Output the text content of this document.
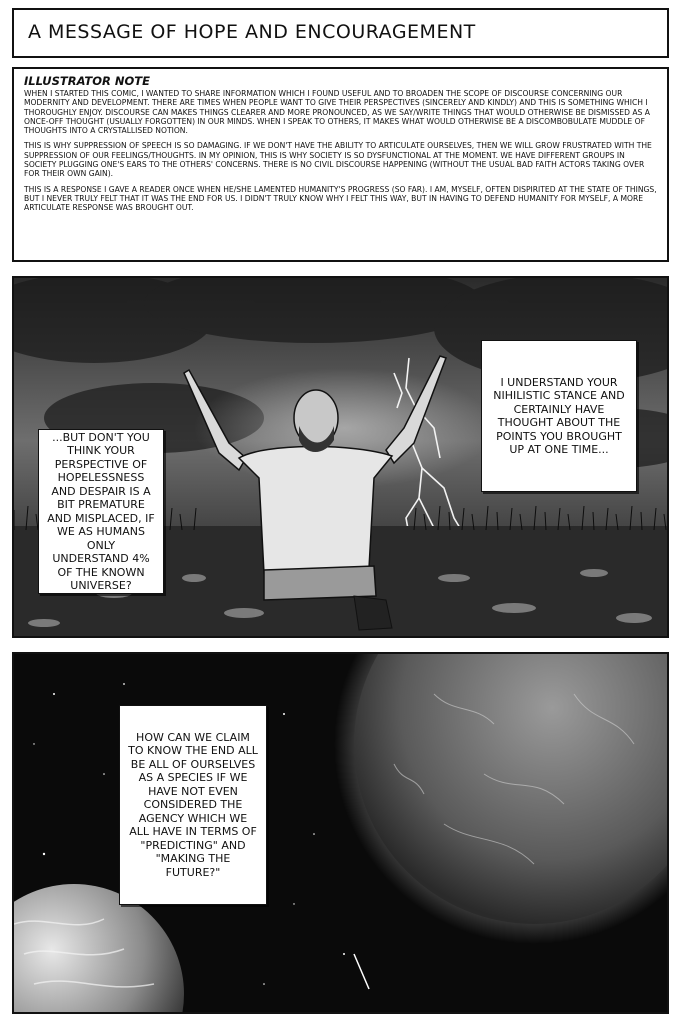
A MESSAGE OF HOPE AND ENCOURAGEMENT
ILLUSTRATOR NOTE

WHEN I STARTED THIS COMIC, I WANTED TO SHARE INFORMATION WHICH I FOUND USEFUL AND TO BROADEN THE SCOPE OF DISCOURSE CONCERNING OUR MODERNITY AND DEVELOPMENT. THERE ARE TIMES WHEN PEOPLE WANT TO GIVE THEIR PERSPECTIVES (SINCERELY AND KINDLY) AND THIS IS SOMETHING WHICH I THOROUGHLY ENJOY. DISCOURSE CAN MAKES THINGS CLEARER AND MORE PRONOUNCED, AS WE SAY/WRITE THINGS THAT WOULD OTHERWISE BE DISMISSED AS A ONCE-OFF THOUGHT (USUALLY FORGOTTEN) IN OUR MINDS. WHEN I SPEAK TO OTHERS, IT MAKES WHAT WOULD OTHERWISE BE A DISCOMBOBULATE MUDDLE OF THOUGHTS INTO A CRYSTALLISED NOTION.

THIS IS WHY SUPPRESSION OF SPEECH IS SO DAMAGING. IF WE DON'T HAVE THE ABILITY TO ARTICULATE OURSELVES, THEN WE WILL GROW FRUSTRATED WITH THE SUPPRESSION OF OUR FEELINGS/THOUGHTS. IN MY OPINION, THIS IS WHY SOCIETY IS SO DYSFUNCTIONAL AT THE MOMENT. WE HAVE DIFFERENT GROUPS IN SOCIETY PLUGGING ONE'S EARS TO THE OTHERS' CONCERNS. THERE IS NO CIVIL DISCOURSE HAPPENING (WITHOUT THE USUAL BAD FAITH ACTORS TAKING OVER FOR THEIR OWN GAIN).

THIS IS A RESPONSE I GAVE A READER ONCE WHEN HE/SHE LAMENTED HUMANITY'S PROGRESS (SO FAR). I AM, MYSELF, OFTEN DISPIRITED AT THE STATE OF THINGS, BUT I NEVER TRULY FELT THAT IT WAS THE END FOR US. I DIDN'T TRULY KNOW WHY I FELT THIS WAY, BUT IN HAVING TO DEFEND HUMANITY FOR MYSELF, A MORE ARTICULATE RESPONSE WAS BROUGHT OUT.

...BUT DON'T YOU THINK YOUR PERSPECTIVE OF HOPELESSNESS AND DESPAIR IS A BIT PREMATURE AND MISPLACED, IF WE AS HUMANS ONLY UNDERSTAND 4% OF THE KNOWN UNIVERSE?
I UNDERSTAND YOUR NIHILISTIC STANCE AND CERTAINLY HAVE THOUGHT ABOUT THE POINTS YOU BROUGHT UP AT ONE TIME...
HOW CAN WE CLAIM TO KNOW THE END ALL BE ALL OF OURSELVES AS A SPECIES IF WE HAVE NOT EVEN CONSIDERED THE AGENCY WHICH WE ALL HAVE IN TERMS OF "PREDICTING" AND "MAKING THE FUTURE?"
